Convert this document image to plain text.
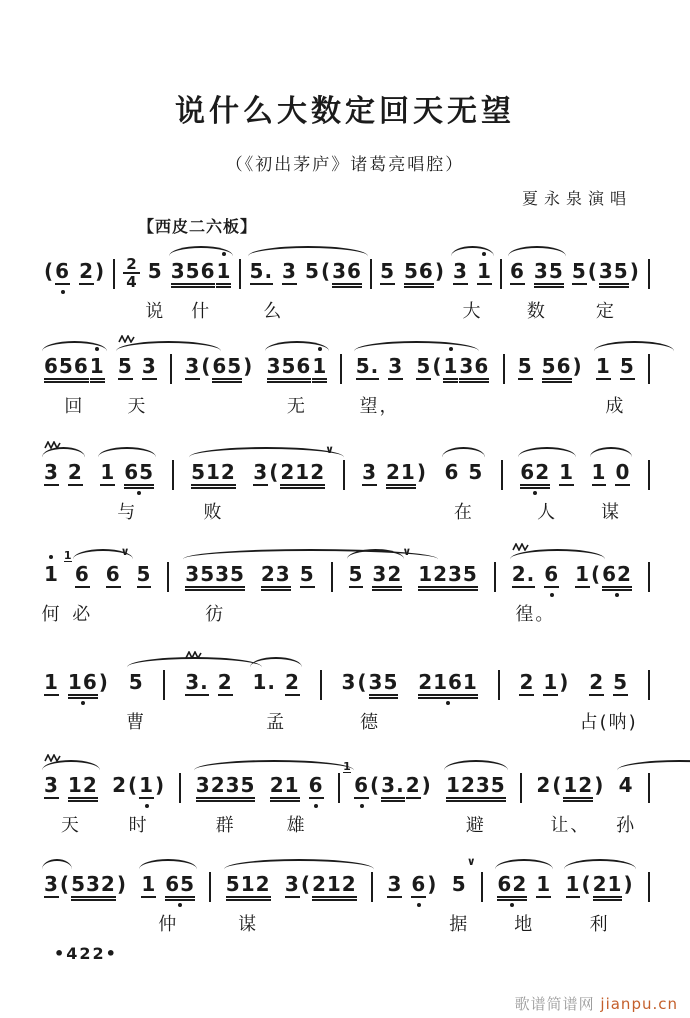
说什么大数定回天无望
（《初出茅庐》诸葛亮唱腔）
夏永泉演唱
【西皮二六板】
( 6 2 ) $\frac{2}{4} 5$
说
356 1
什
5. 3
么
5 ( 36 5 56 ) 3 1
大
6 35
数
5 ( 35 )
定
656 1
回
5 3
天
3 ( 65 ) 356 1
无
5. 3
望，
5 ( 1 36 5 56 ) 1 5
成
3 2 1 65
与
512
败
∨
3 ( 212 3 21 ) 6 5
在
62 1
人
1 0
谋
1
何
1
6
必
∨
6 5 3535
彷
23 5
∨
5 32 1235 2. 6
徨。
1 ( 62
1 16 ) 5
曹
3. 2 1. 2
孟
3 ( 35
德
2161 2 1 ) 2 5
占(呐)
3 12
天
2 ( 1 )
时
3235
群
21 6
雄
1
6 ( 3. 2 ) 1235
避
2 ( 12 )
让、
4
孙
3 ( 532 ) 1 65
仲
512
谋
3 ( 212 3 6 )
∨
5
据
62 1
地
1 ( 21 )
利
•422•
歌谱简谱网 jianpu.cn
